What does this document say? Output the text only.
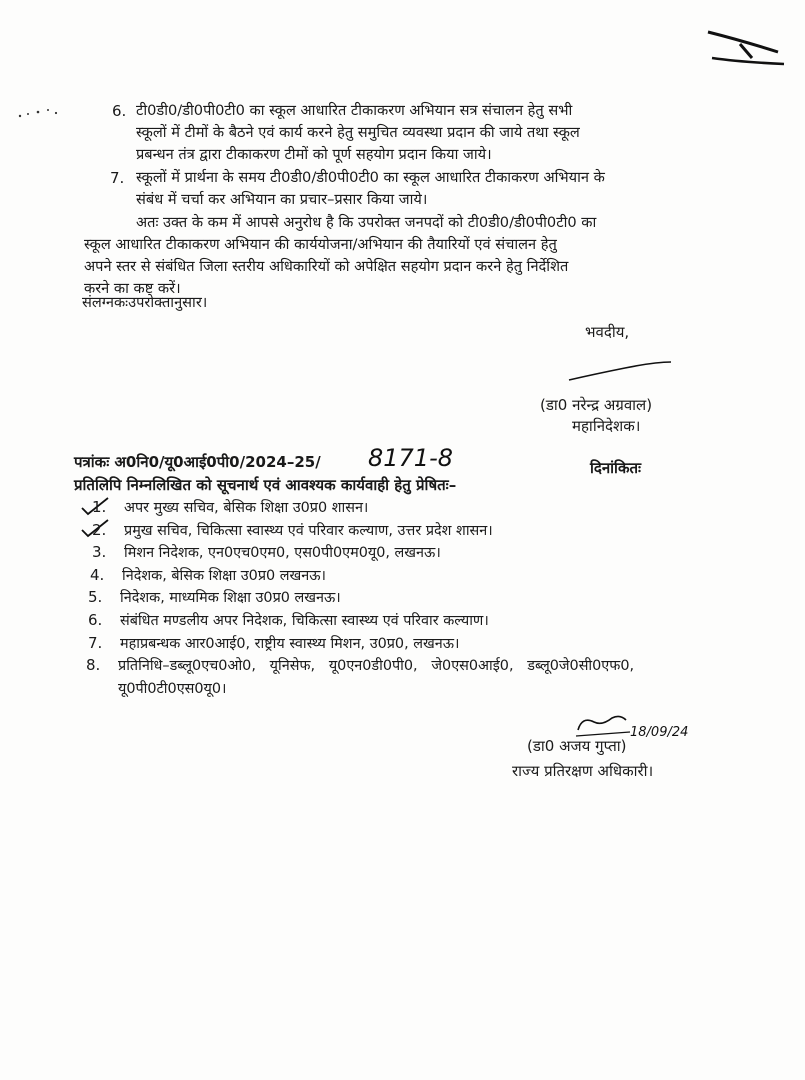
6. टी0डी0/डी0पी0टी0 का स्कूल आधारित टीकाकरण अभियान सत्र संचालन हेतु सभी
स्कूलों में टीमों के बैठने एवं कार्य करने हेतु समुचित व्यवस्था प्रदान की जाये तथा स्कूल
प्रबन्धन तंत्र द्वारा टीकाकरण टीमों को पूर्ण सहयोग प्रदान किया जाये।
7. स्कूलों में प्रार्थना के समय टी0डी0/डी0पी0टी0 का स्कूल आधारित टीकाकरण अभियान के
संबंध में चर्चा कर अभियान का प्रचार–प्रसार किया जाये।
अतः उक्त के कम में आपसे अनुरोध है कि उपरोक्त जनपदों को टी0डी0/डी0पी0टी0 का
स्कूल आधारित टीकाकरण अभियान की कार्ययोजना/अभियान की तैयारियों एवं संचालन हेतु
अपने स्तर से संबंधित जिला स्तरीय अधिकारियों को अपेक्षित सहयोग प्रदान करने हेतु निर्देशित
करने का कष्ट करें।
संलग्नकःउपरोक्तानुसार।
भवदीय,
(डा0 नरेन्द्र अग्रवाल)
महानिदेशक।
पत्रांकः अ0नि0/यू0आई0पी0/2024–25/ 8171-8	दिनांकितः
प्रतिलिपि निम्नलिखित को सूचनार्थ एवं आवश्यक कार्यवाही हेतु प्रेषितः–
1. अपर मुख्य सचिव, बेसिक शिक्षा उ0प्र0 शासन।
2. प्रमुख सचिव, चिकित्सा स्वास्थ्य एवं परिवार कल्याण, उत्तर प्रदेश शासन।
3. मिशन निदेशक, एन0एच0एम0, एस0पी0एम0यू0, लखनऊ।
4. निदेशक, बेसिक शिक्षा उ0प्र0 लखनऊ।
5. निदेशक, माध्यमिक शिक्षा उ0प्र0 लखनऊ।
6. संबंधित मण्डलीय अपर निदेशक, चिकित्सा स्वास्थ्य एवं परिवार कल्याण।
7. महाप्रबन्धक आर0आई0, राष्ट्रीय स्वास्थ्य मिशन, उ0प्र0, लखनऊ।
8. प्रतिनिधि–डब्लू0एच0ओ0,   यूनिसेफ,   यू0एन0डी0पी0,   जे0एस0आई0,   डब्लू0जे0सी0एफ0,
यू0पी0टी0एस0यू0।
18/09/24
(डा0 अजय गुप्ता)
राज्य प्रतिरक्षण अधिकारी।
